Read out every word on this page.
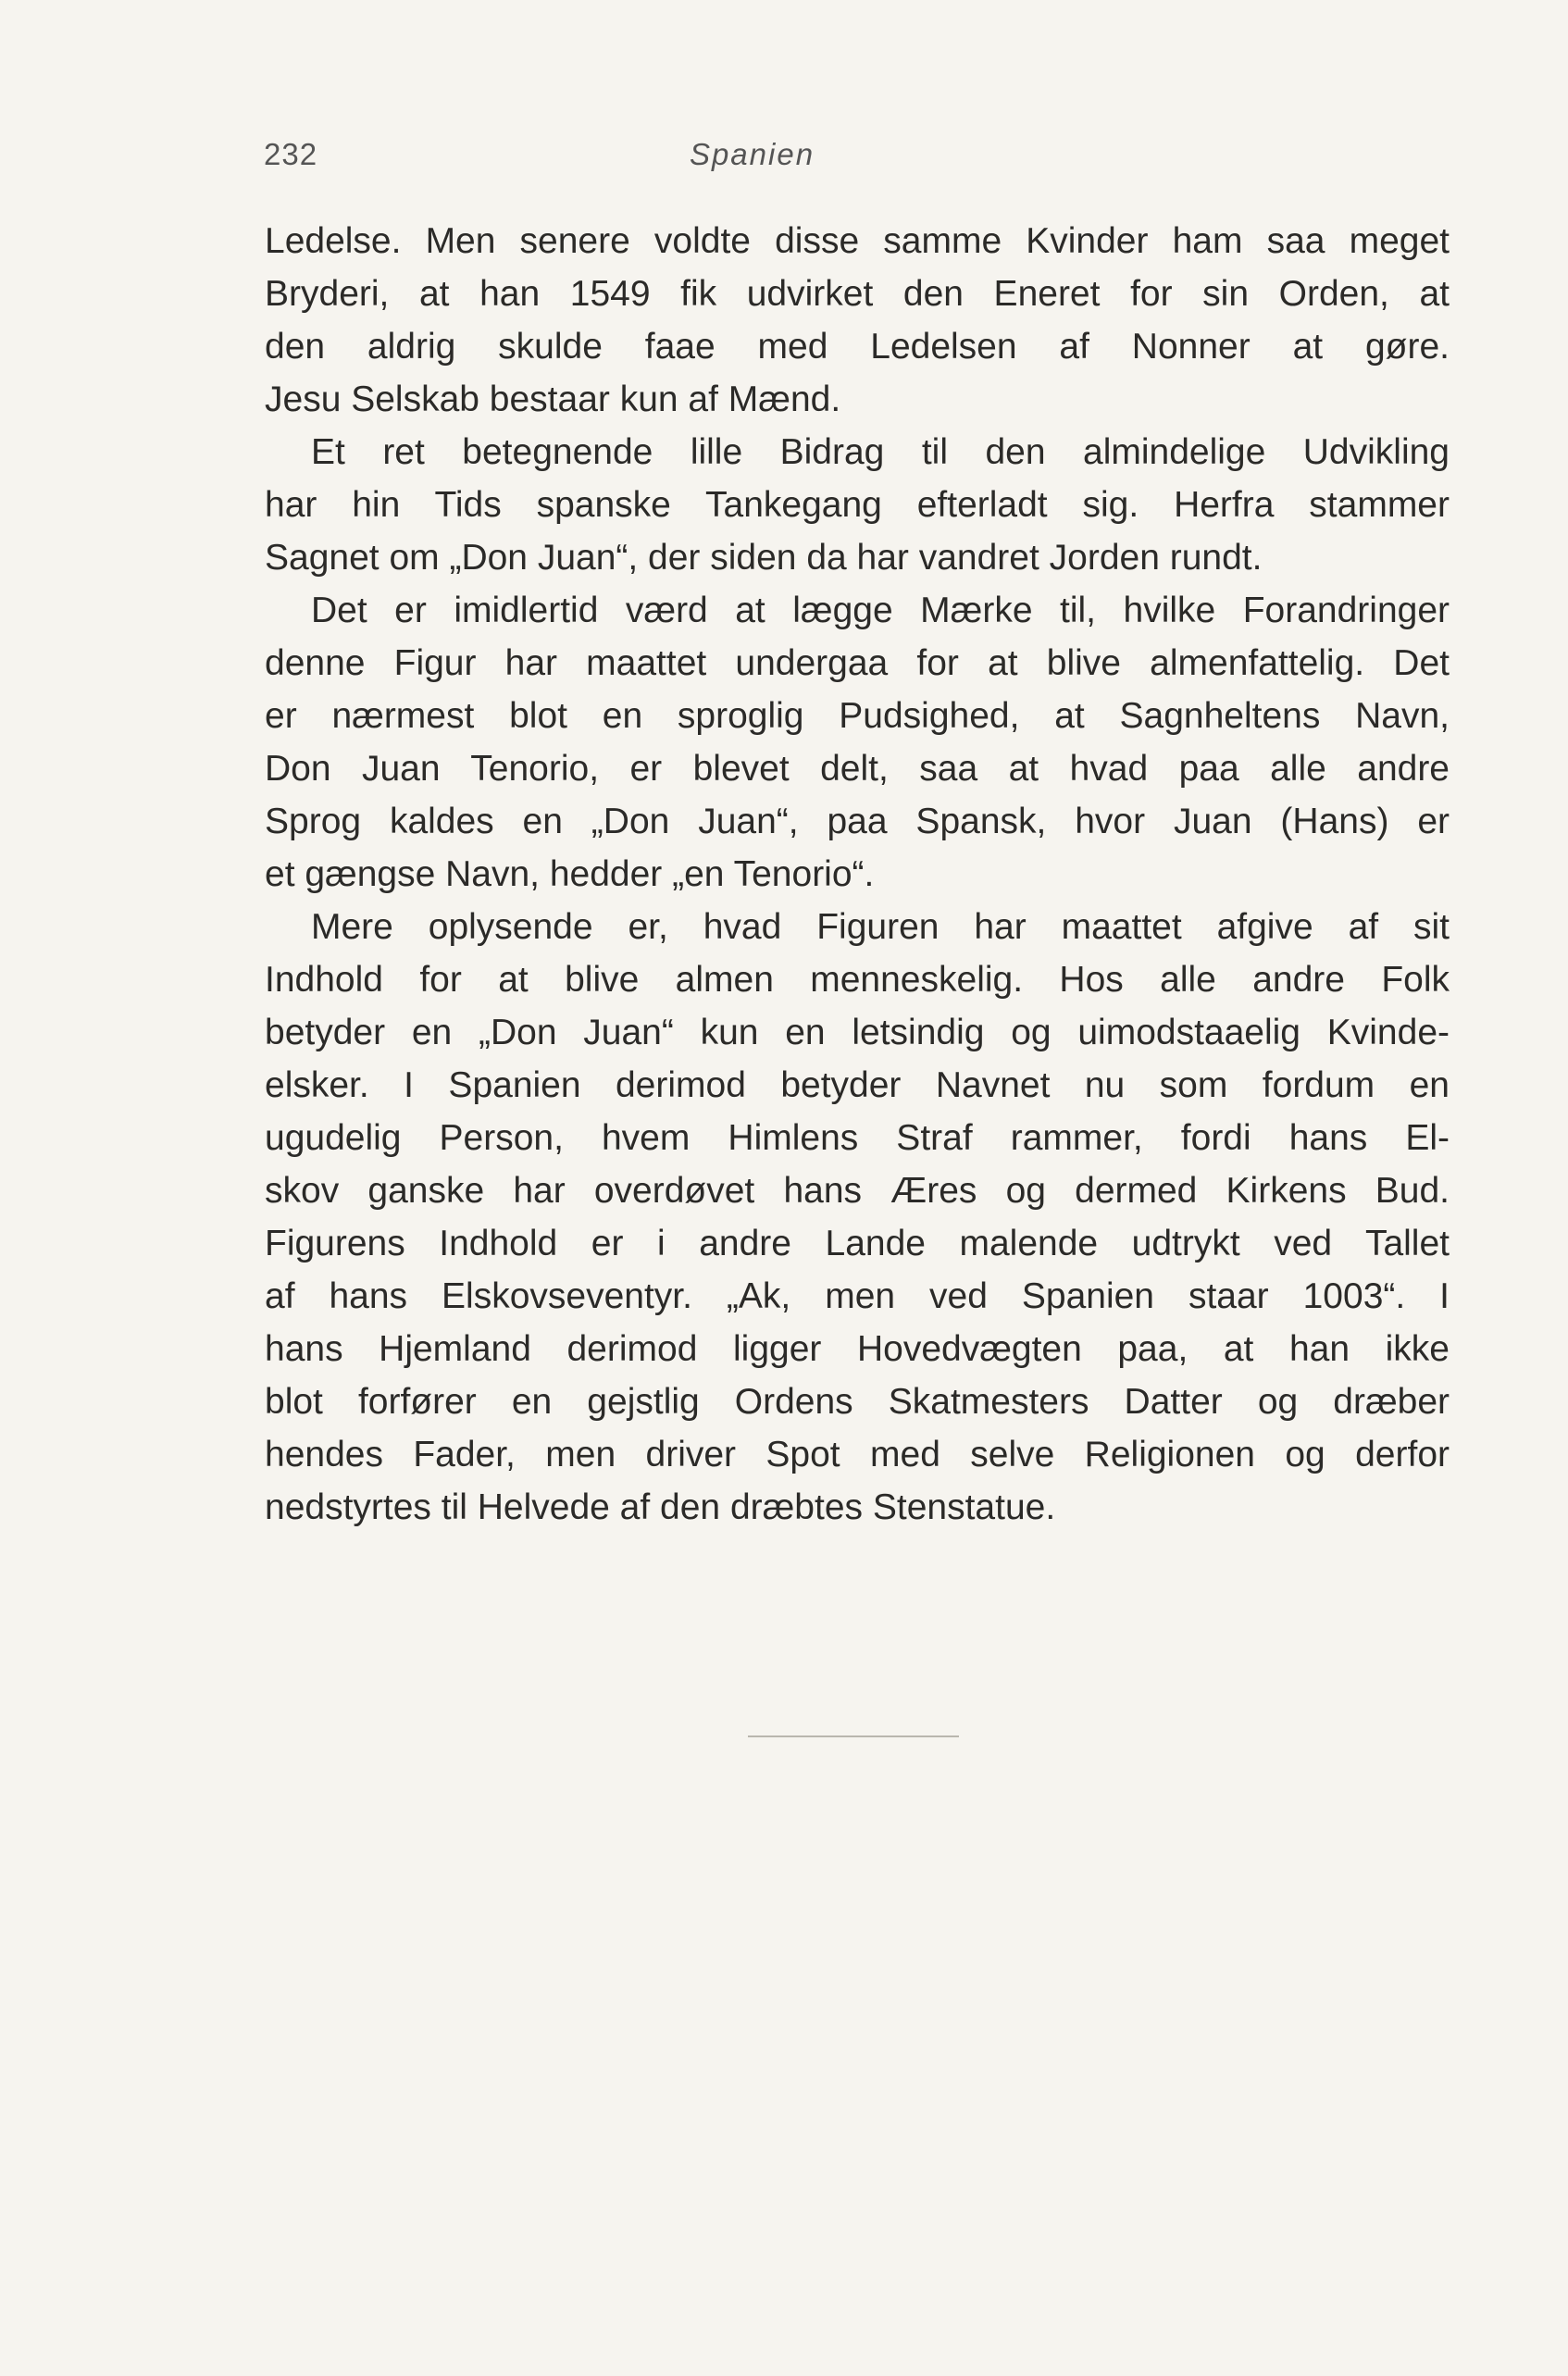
232	Spanien
Ledelse. Men senere voldte disse samme Kvinder ham saa meget
Bryderi, at han 1549 fik udvirket den Eneret for sin Orden, at
den aldrig skulde faae med Ledelsen af Nonner at gøre.
Jesu Selskab bestaar kun af Mænd.
Et ret betegnende lille Bidrag til den almindelige Udvikling
har hin Tids spanske Tankegang efterladt sig. Herfra stammer
Sagnet om „Don Juan“, der siden da har vandret Jorden rundt.
Det er imidlertid værd at lægge Mærke til, hvilke Forandringer
denne Figur har maattet undergaa for at blive almenfattelig. Det
er nærmest blot en sproglig Pudsighed, at Sagnheltens Navn,
Don Juan Tenorio, er blevet delt, saa at hvad paa alle andre
Sprog kaldes en „Don Juan“, paa Spansk, hvor Juan (Hans) er
et gængse Navn, hedder „en Tenorio“.
Mere oplysende er, hvad Figuren har maattet afgive af sit
Indhold for at blive almen menneskelig. Hos alle andre Folk
betyder en „Don Juan“ kun en letsindig og uimodstaaelig Kvinde-
elsker. I Spanien derimod betyder Navnet nu som fordum en
ugudelig Person, hvem Himlens Straf rammer, fordi hans El-
skov ganske har overdøvet hans Æres og dermed Kirkens Bud.
Figurens Indhold er i andre Lande malende udtrykt ved Tallet
af hans Elskovseventyr. „Ak, men ved Spanien staar 1003“. I
hans Hjemland derimod ligger Hovedvægten paa, at han ikke
blot forfører en gejstlig Ordens Skatmesters Datter og dræber
hendes Fader, men driver Spot med selve Religionen og derfor
nedstyrtes til Helvede af den dræbtes Stenstatue.
